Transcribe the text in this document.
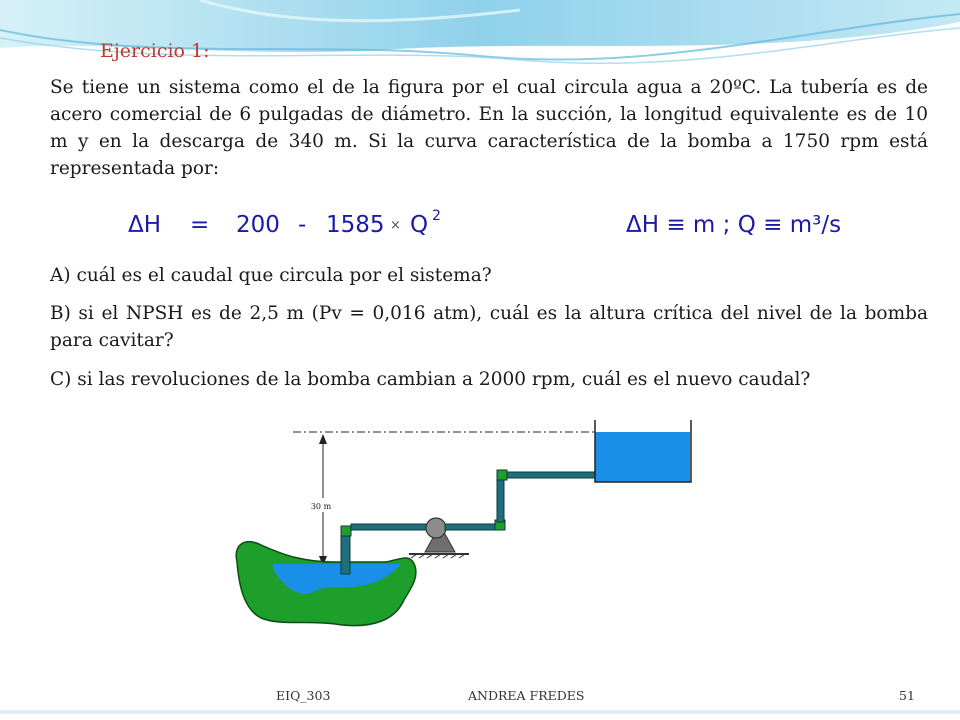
Ejercicio 1:
Se tiene un sistema como el de la figura por el cual circula agua a 20ºC. La tubería es de acero comercial de 6 pulgadas de diámetro. En la succión, la longitud equivalente es de 10 m y en la descarga de 340 m. Si la curva característica de la bomba a 1750 rpm está representada por:
ΔH = 200 - 1585 × Q 2	ΔH ≡ m ; Q ≡ m³/s
A) cuál es el caudal que circula por el sistema?
B) si el NPSH es de 2,5 m (Pv = 0,016 atm), cuál es la altura crítica del nivel de la bomba para cavitar?
C) si las revoluciones de la bomba cambian a 2000 rpm, cuál es el nuevo caudal?
30 m
EIQ_303	ANDREA FREDES	51
